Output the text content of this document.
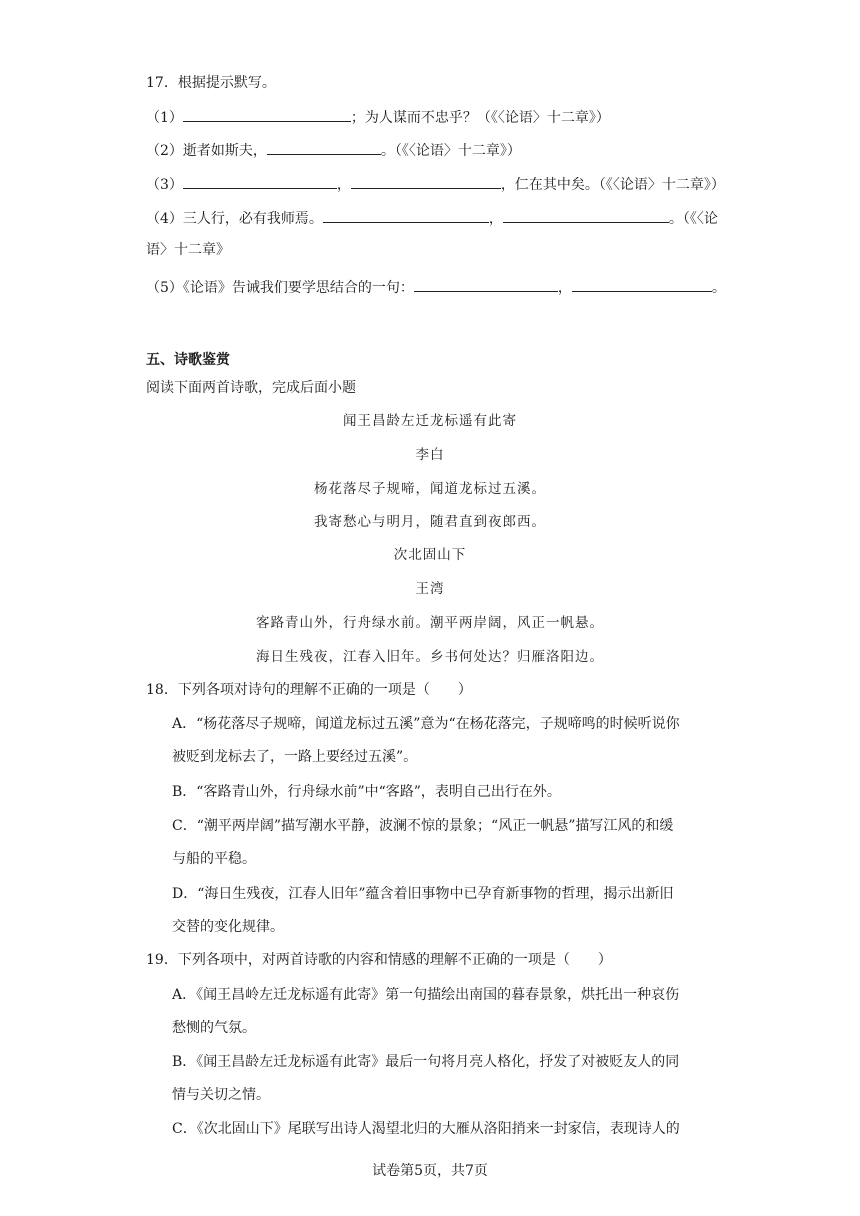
17．根据提示默写。
（1）	；为人谋而不忠乎？（《〈论语〉十二章》）
（2）逝者如斯夫，	。（《〈论语〉十二章》）
（3）	，	，仁在其中矣。（《〈论语〉十二章》）
（4）三人行，必有我师焉。	，	。（《〈论
语〉十二章》
（5）《论语》告诫我们要学思结合的一句：	，	。
五、诗歌鉴赏
阅读下面两首诗歌，完成后面小题
闻王昌龄左迁龙标遥有此寄
李白
杨花落尽子规啼，闻道龙标过五溪。
我寄愁心与明月，随君直到夜郎西。
次北固山下
王湾
客路青山外，行舟绿水前。潮平两岸阔，风正一帆悬。
海日生残夜，江春入旧年。乡书何处达？归雁洛阳边。
18．下列各项对诗句的理解不正确的一项是（　　）
A．“杨花落尽子规啼，闻道龙标过五溪”意为“在杨花落完，子规啼鸣的时候听说你
被贬到龙标去了，一路上要经过五溪”。
B．“客路青山外，行舟绿水前”中“客路”，表明自己出行在外。
C．“潮平两岸阔”描写潮水平静，波澜不惊的景象；“风正一帆悬”描写江风的和缓
与船的平稳。
D．“海日生残夜，江春人旧年”蕴含着旧事物中已孕育新事物的哲理，揭示出新旧
交替的变化规律。
19．下列各项中，对两首诗歌的内容和情感的理解不正确的一项是（　　）
A．《闻王昌岭左迁龙标遥有此寄》第一句描绘出南国的暮春景象，烘托出一种哀伤
愁恻的气氛。
B．《闻王昌龄左迁龙标遥有此寄》最后一句将月亮人格化，抒发了对被贬友人的同
情与关切之情。
C．《次北固山下》尾联写出诗人渴望北归的大雁从洛阳捎来一封家信，表现诗人的
试卷第5页，共7页
